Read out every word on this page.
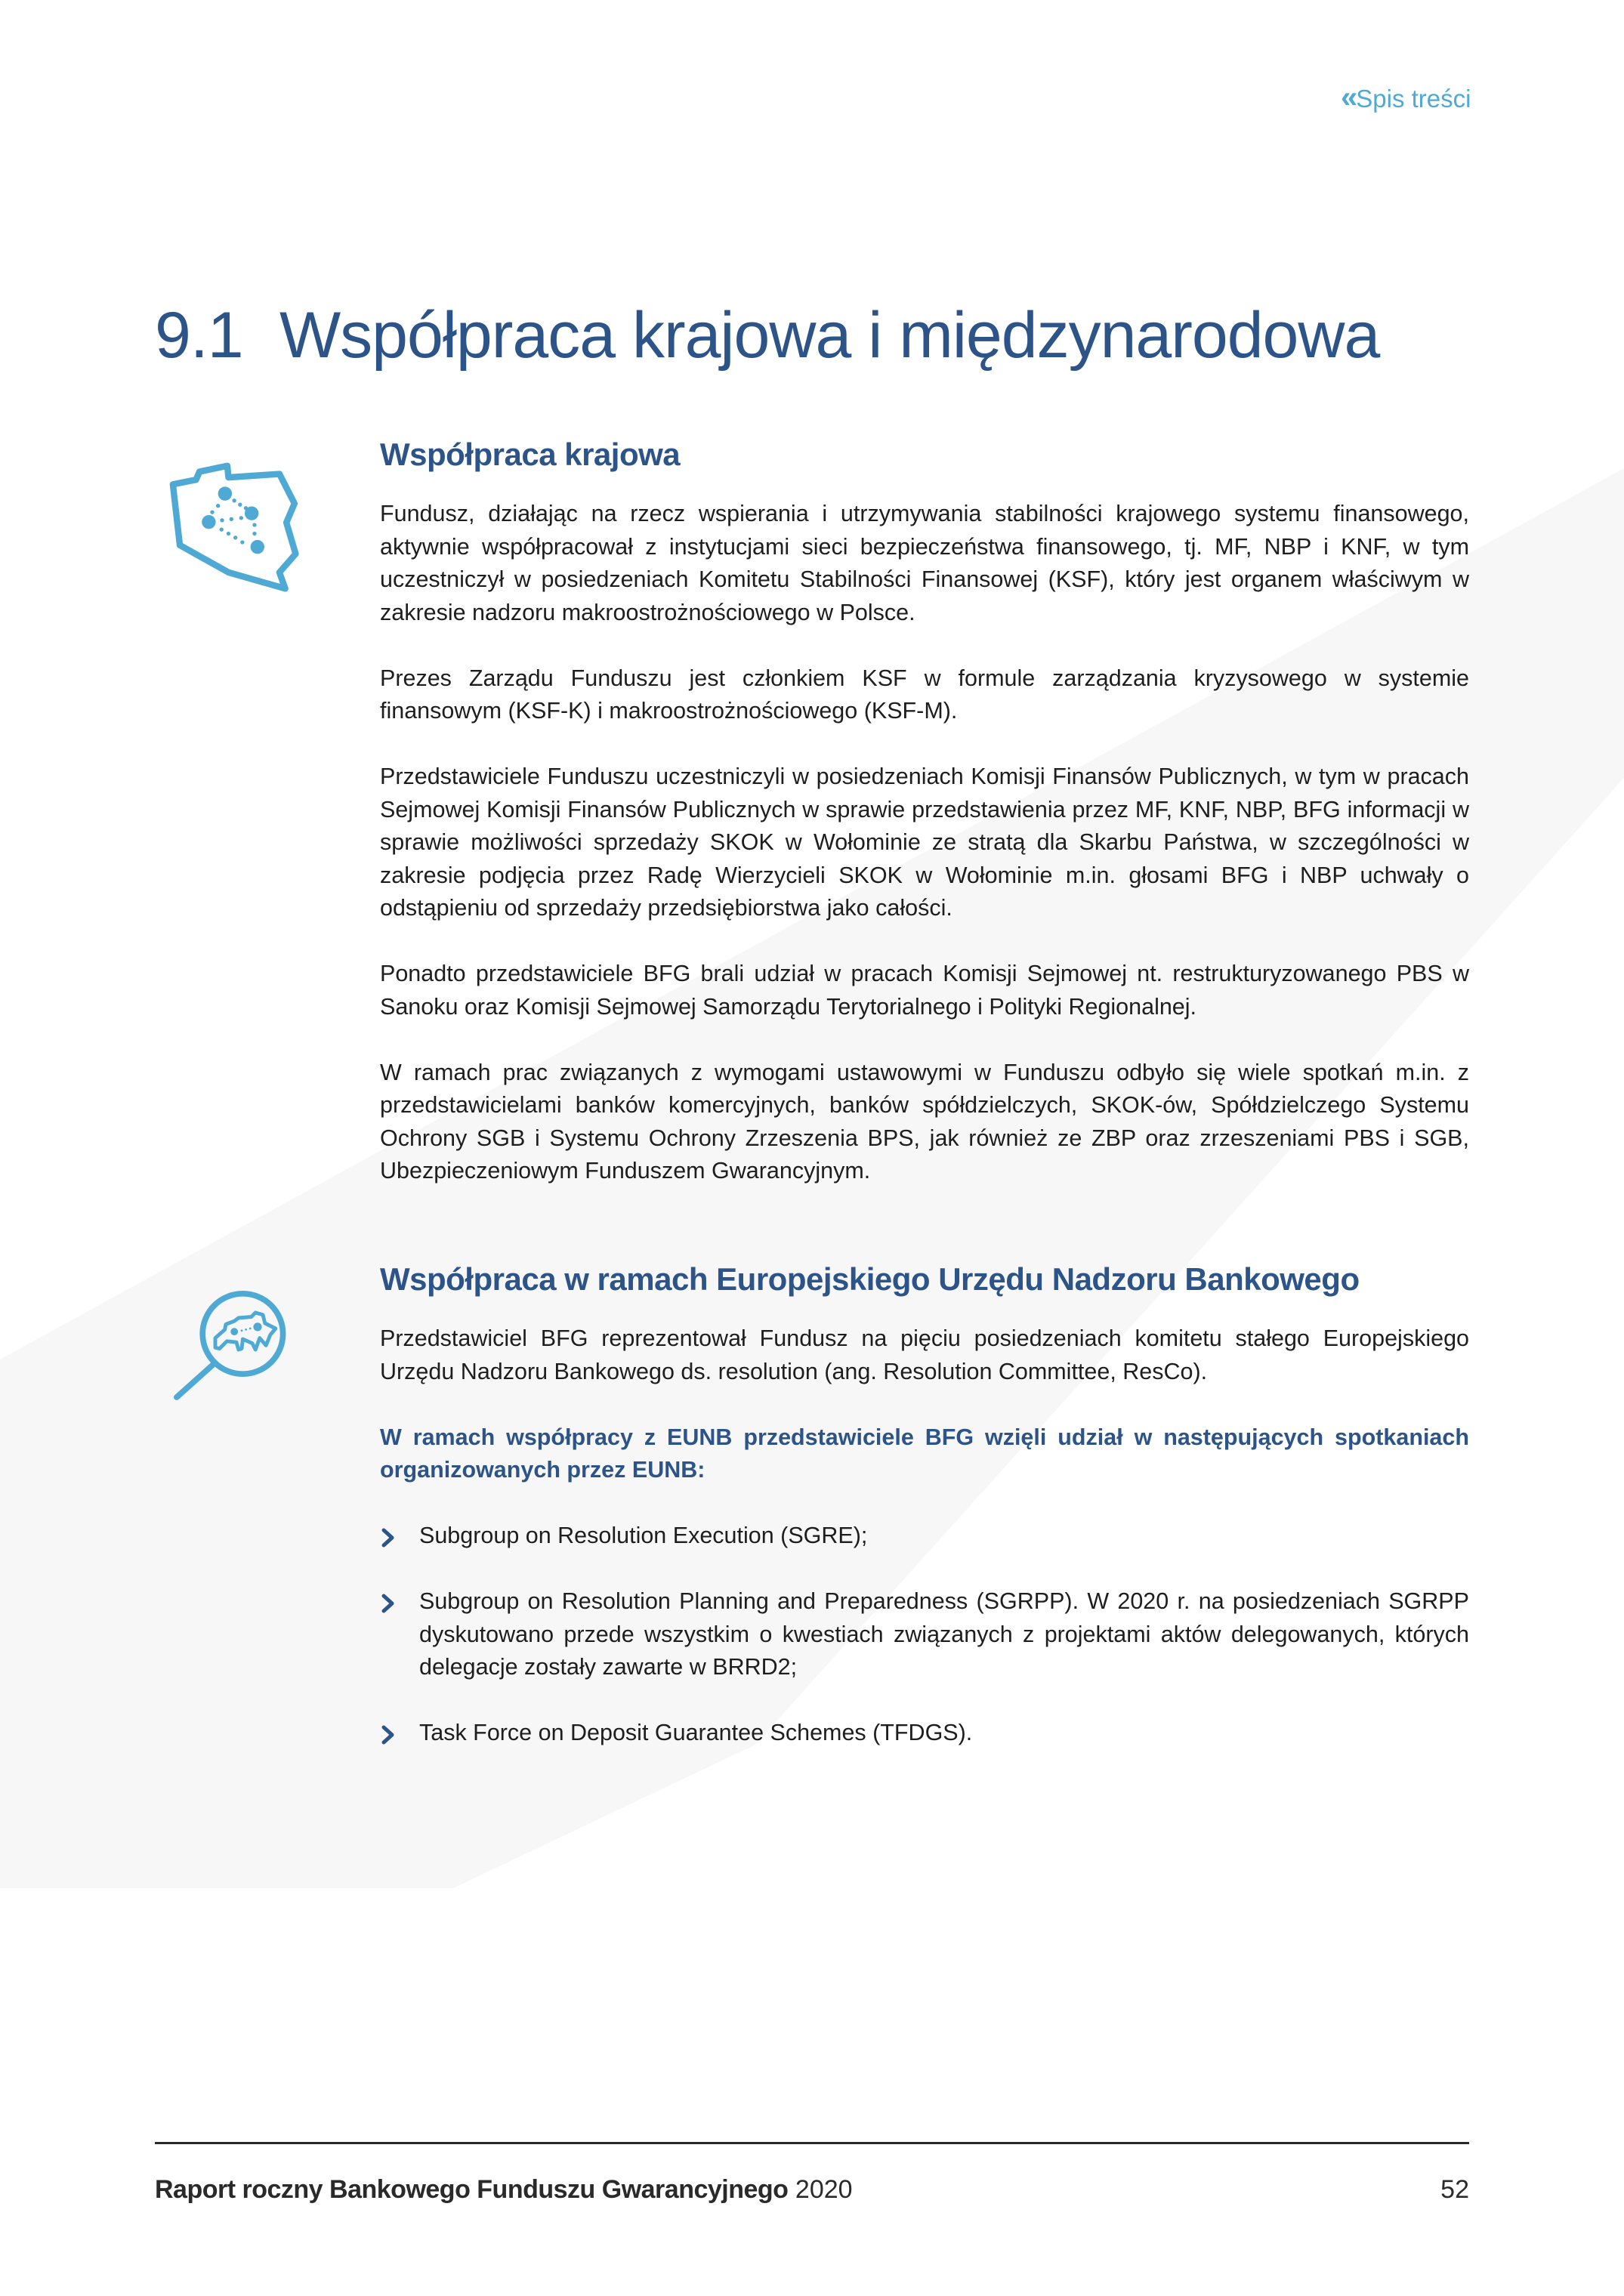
« Spis treści
9.1 Współpraca krajowa i międzynarodowa
Współpraca krajowa

Fundusz, działając na rzecz wspierania i utrzymywania stabilności krajowego systemu finansowego, aktywnie współpracował z instytucjami sieci bezpieczeństwa finansowego, tj. MF, NBP i KNF, w tym uczestniczył w posiedzeniach Komitetu Stabilności Finansowej (KSF), który jest organem właściwym w zakresie nadzoru makroostrożnościowego w Polsce.

Prezes Zarządu Funduszu jest członkiem KSF w formule zarządzania kryzysowego w systemie finansowym (KSF-K) i makroostrożnościowego (KSF-M).

Przedstawiciele Funduszu uczestniczyli w posiedzeniach Komisji Finansów Publicznych, w tym w pracach Sejmowej Komisji Finansów Publicznych w sprawie przedstawienia przez MF, KNF, NBP, BFG informacji w sprawie możliwości sprzedaży SKOK w Wołominie ze stratą dla Skarbu Państwa, w szczególności w zakresie podjęcia przez Radę Wierzycieli SKOK w Wołominie m.in. głosami BFG i NBP uchwały o odstąpieniu od sprzedaży przedsiębiorstwa jako całości.

Ponadto przedstawiciele BFG brali udział w pracach Komisji Sejmowej nt. restrukturyzowanego PBS w Sanoku oraz Komisji Sejmowej Samorządu Terytorialnego i Polityki Regionalnej.

W ramach prac związanych z wymogami ustawowymi w Funduszu odbyło się wiele spotkań m.in. z przedstawicielami banków komercyjnych, banków spółdzielczych, SKOK-ów, Spółdzielczego Systemu Ochrony SGB i Systemu Ochrony Zrzeszenia BPS, jak również ze ZBP oraz zrzeszeniami PBS i SGB, Ubezpieczeniowym Funduszem Gwarancyjnym.

Współpraca w ramach Europejskiego Urzędu Nadzoru Bankowego

Przedstawiciel BFG reprezentował Fundusz na pięciu posiedzeniach komitetu stałego Europejskiego Urzędu Nadzoru Bankowego ds. resolution (ang. Resolution Committee, ResCo).

W ramach współpracy z EUNB przedstawiciele BFG wzięli udział w następujących spotkaniach organizowanych przez EUNB:

Subgroup on Resolution Execution (SGRE);
Subgroup on Resolution Planning and Preparedness (SGRPP). W 2020 r. na posiedzeniach SGRPP dyskutowano przede wszystkim o kwestiach związanych z projektami aktów delegowanych, których delegacje zostały zawarte w BRRD2;
Task Force on Deposit Guarantee Schemes (TFDGS).
Raport roczny Bankowego Funduszu Gwarancyjnego 2020	52
